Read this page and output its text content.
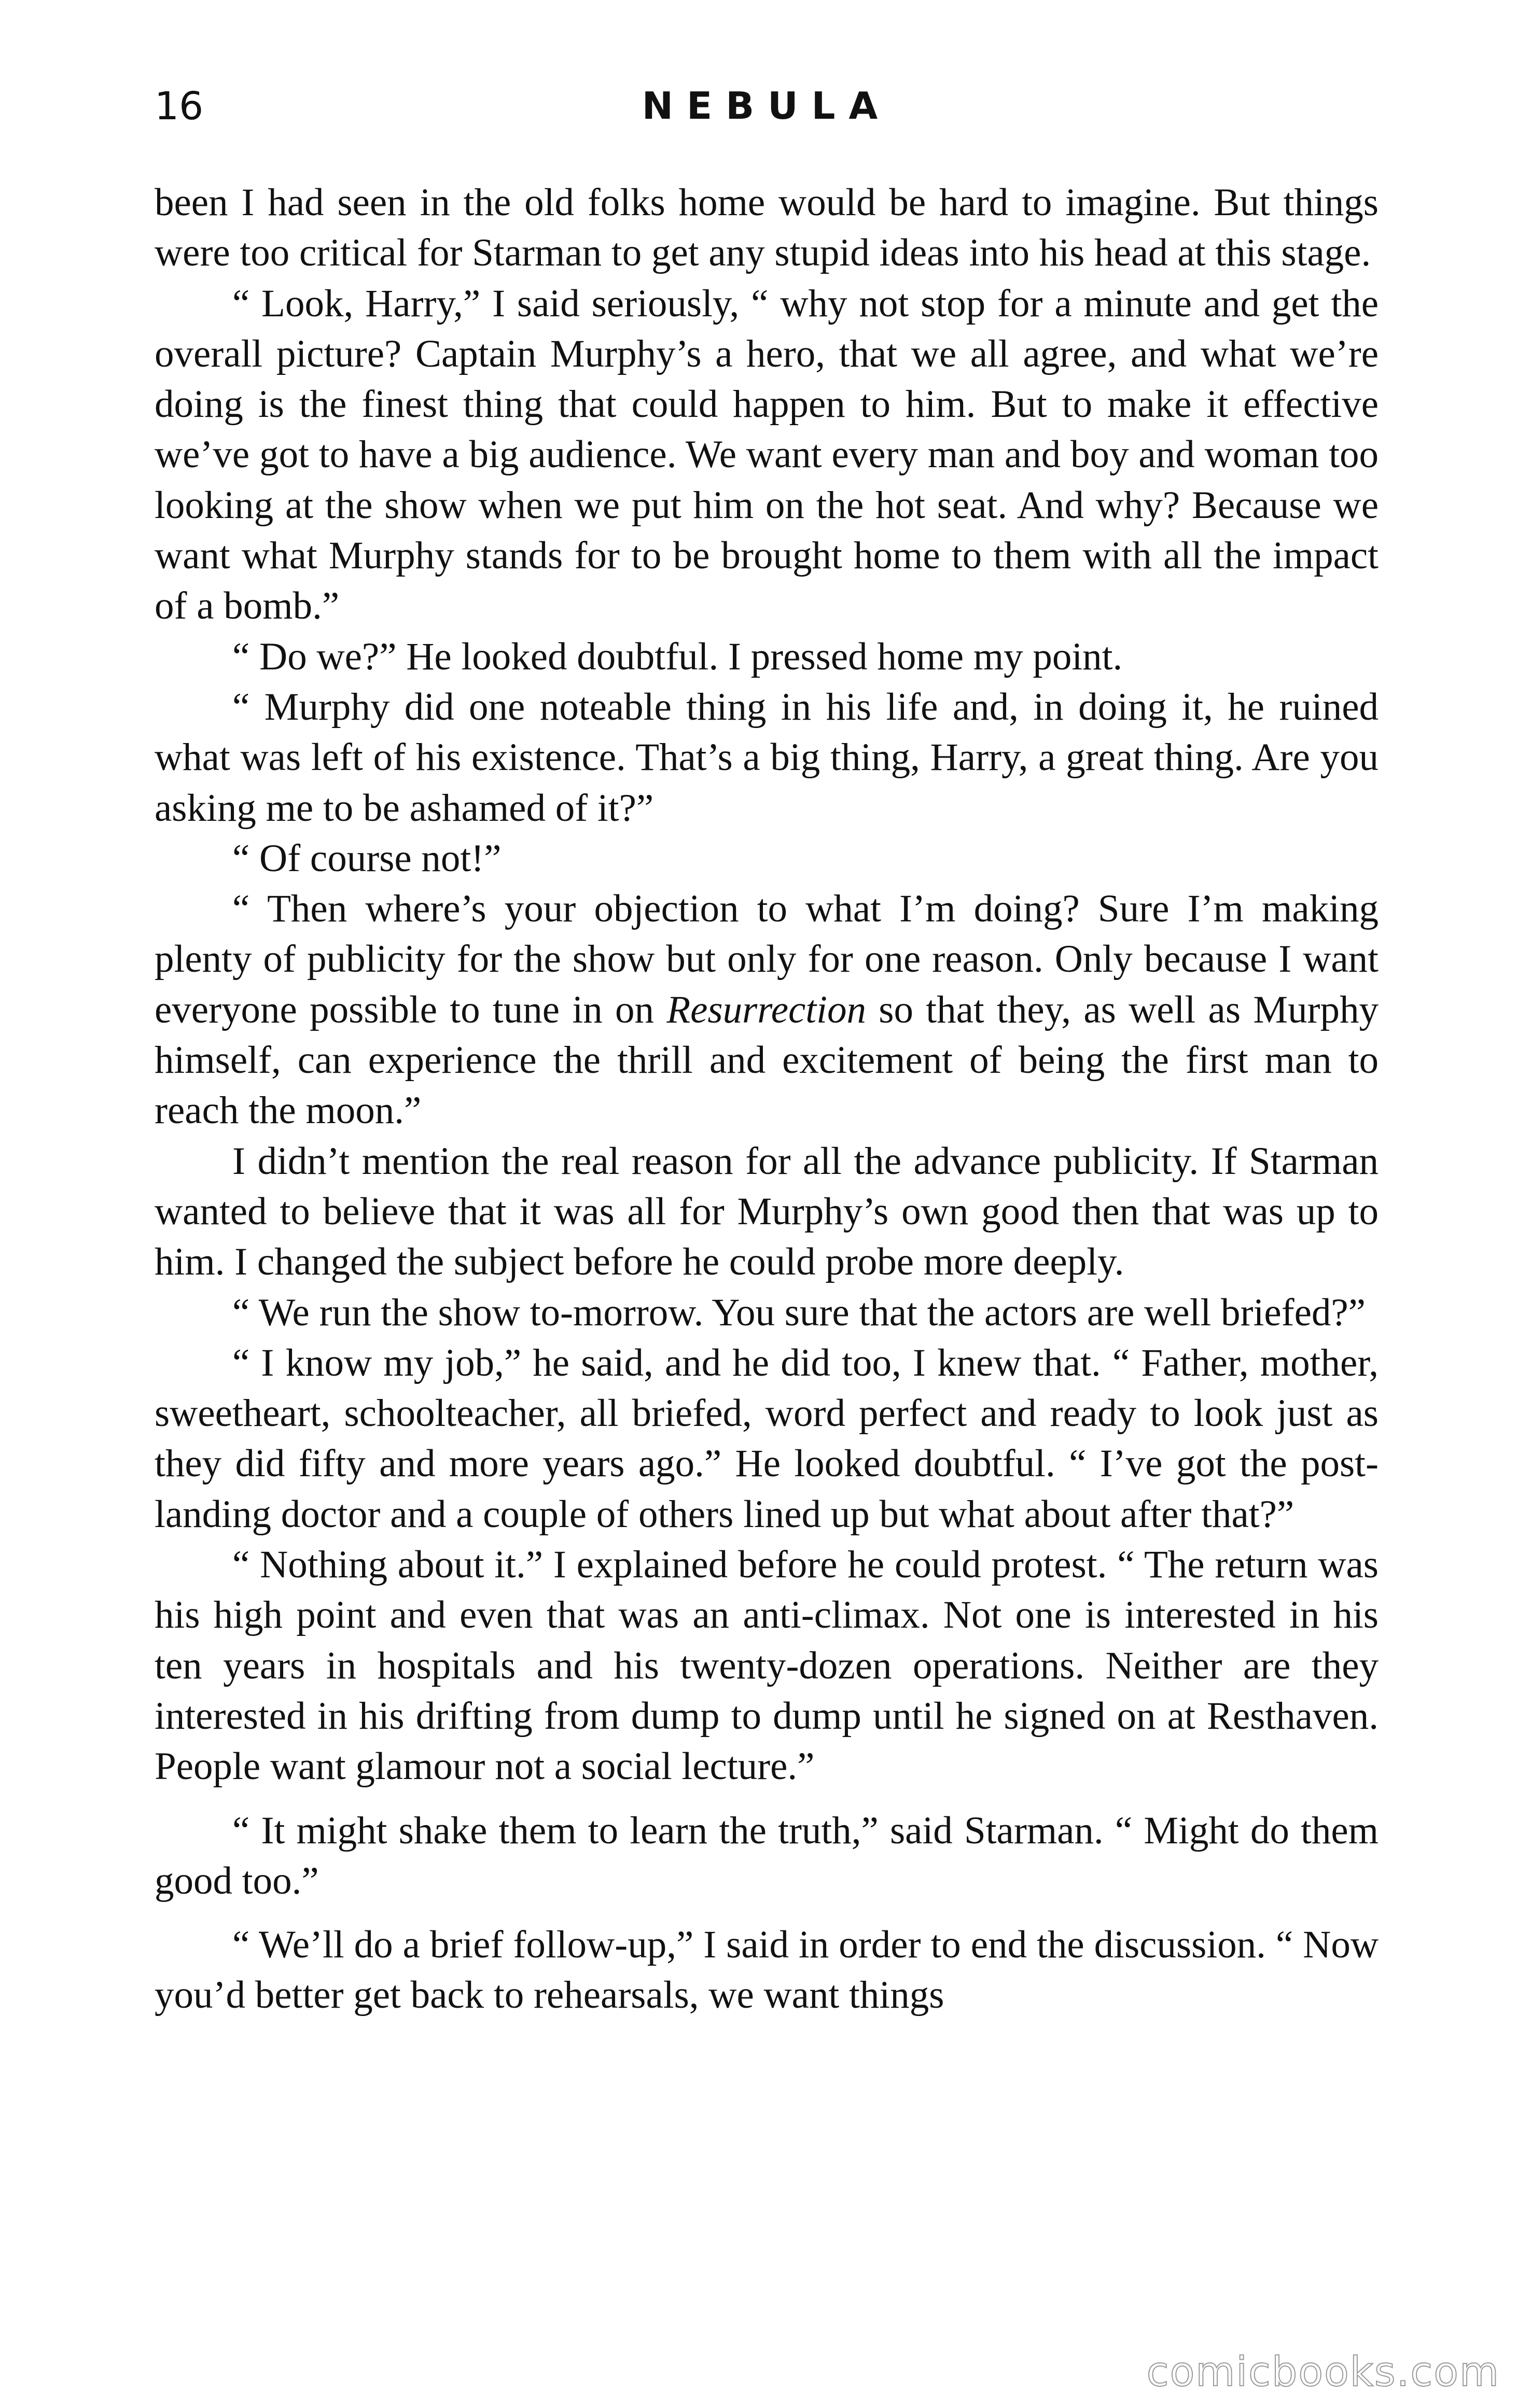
16	NEBULA

been I had seen in the old folks home would be hard to imagine. But things were too critical for Starman to get any stupid ideas into his head at this stage.

“ Look, Harry,” I said seriously, “ why not stop for a minute and get the overall picture? Captain Murphy’s a hero, that we all agree, and what we’re doing is the finest thing that could happen to him. But to make it effective we’ve got to have a big audience. We want every man and boy and woman too looking at the show when we put him on the hot seat. And why? Because we want what Murphy stands for to be brought home to them with all the impact of a bomb.”

“ Do we?” He looked doubtful. I pressed home my point.

“ Murphy did one noteable thing in his life and, in doing it, he ruined what was left of his existence. That’s a big thing, Harry, a great thing. Are you asking me to be ashamed of it?”

“ Of course not!”

“ Then where’s your objection to what I’m doing? Sure I’m making plenty of publicity for the show but only for one reason. Only because I want everyone possible to tune in on Resurrection so that they, as well as Murphy himself, can experience the thrill and excitement of being the first man to reach the moon.”

I didn’t mention the real reason for all the advance publicity. If Starman wanted to believe that it was all for Murphy’s own good then that was up to him. I changed the subject before he could probe more deeply.

“ We run the show to-morrow. You sure that the actors are well briefed?”

“ I know my job,” he said, and he did too, I knew that. “ Father, mother, sweetheart, schoolteacher, all briefed, word perfect and ready to look just as they did fifty and more years ago.” He looked doubtful. “ I’ve got the post-landing doctor and a couple of others lined up but what about after that?”

“ Nothing about it.” I explained before he could protest. “ The return was his high point and even that was an anti-climax. Not one is interested in his ten years in hospitals and his twenty-dozen operations. Neither are they interested in his drifting from dump to dump until he signed on at Resthaven. People want glamour not a social lecture.”

“ It might shake them to learn the truth,” said Starman. “ Might do them good too.”

“ We’ll do a brief follow-up,” I said in order to end the discussion. “ Now you’d better get back to rehearsals, we want things

comicbooks.com
